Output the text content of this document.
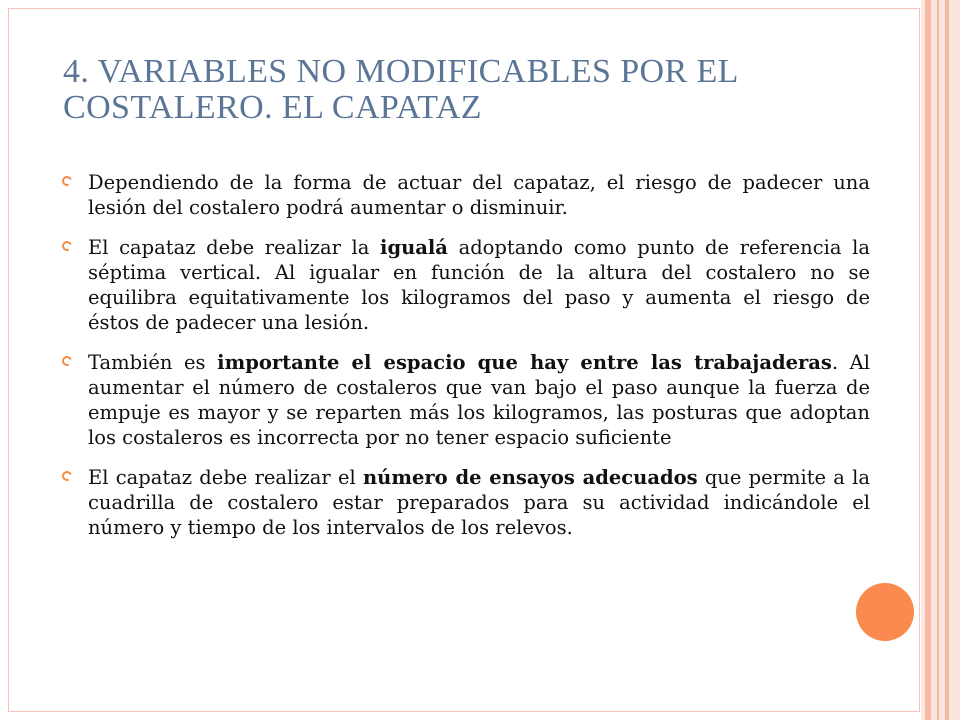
4. VARIABLES NO MODIFICABLES POR EL COSTALERO. EL CAPATAZ
Dependiendo de la forma de actuar del capataz, el riesgo de padecer una lesión del costalero podrá aumentar o disminuir.
El capataz debe realizar la igualá adoptando como punto de referencia la séptima vertical. Al igualar en función de la altura del costalero no se equilibra equitativamente los kilogramos del paso y aumenta el riesgo de éstos de padecer una lesión.
También es importante el espacio que hay entre las trabajaderas. Al aumentar el número de costaleros que van bajo el paso aunque la fuerza de empuje es mayor y se reparten más los kilogramos, las posturas que adoptan los costaleros es incorrecta por no tener espacio suficiente
El capataz debe realizar el número de ensayos adecuados que permite a la cuadrilla de costalero estar preparados para su actividad indicándole el número y tiempo de los intervalos de los relevos.
